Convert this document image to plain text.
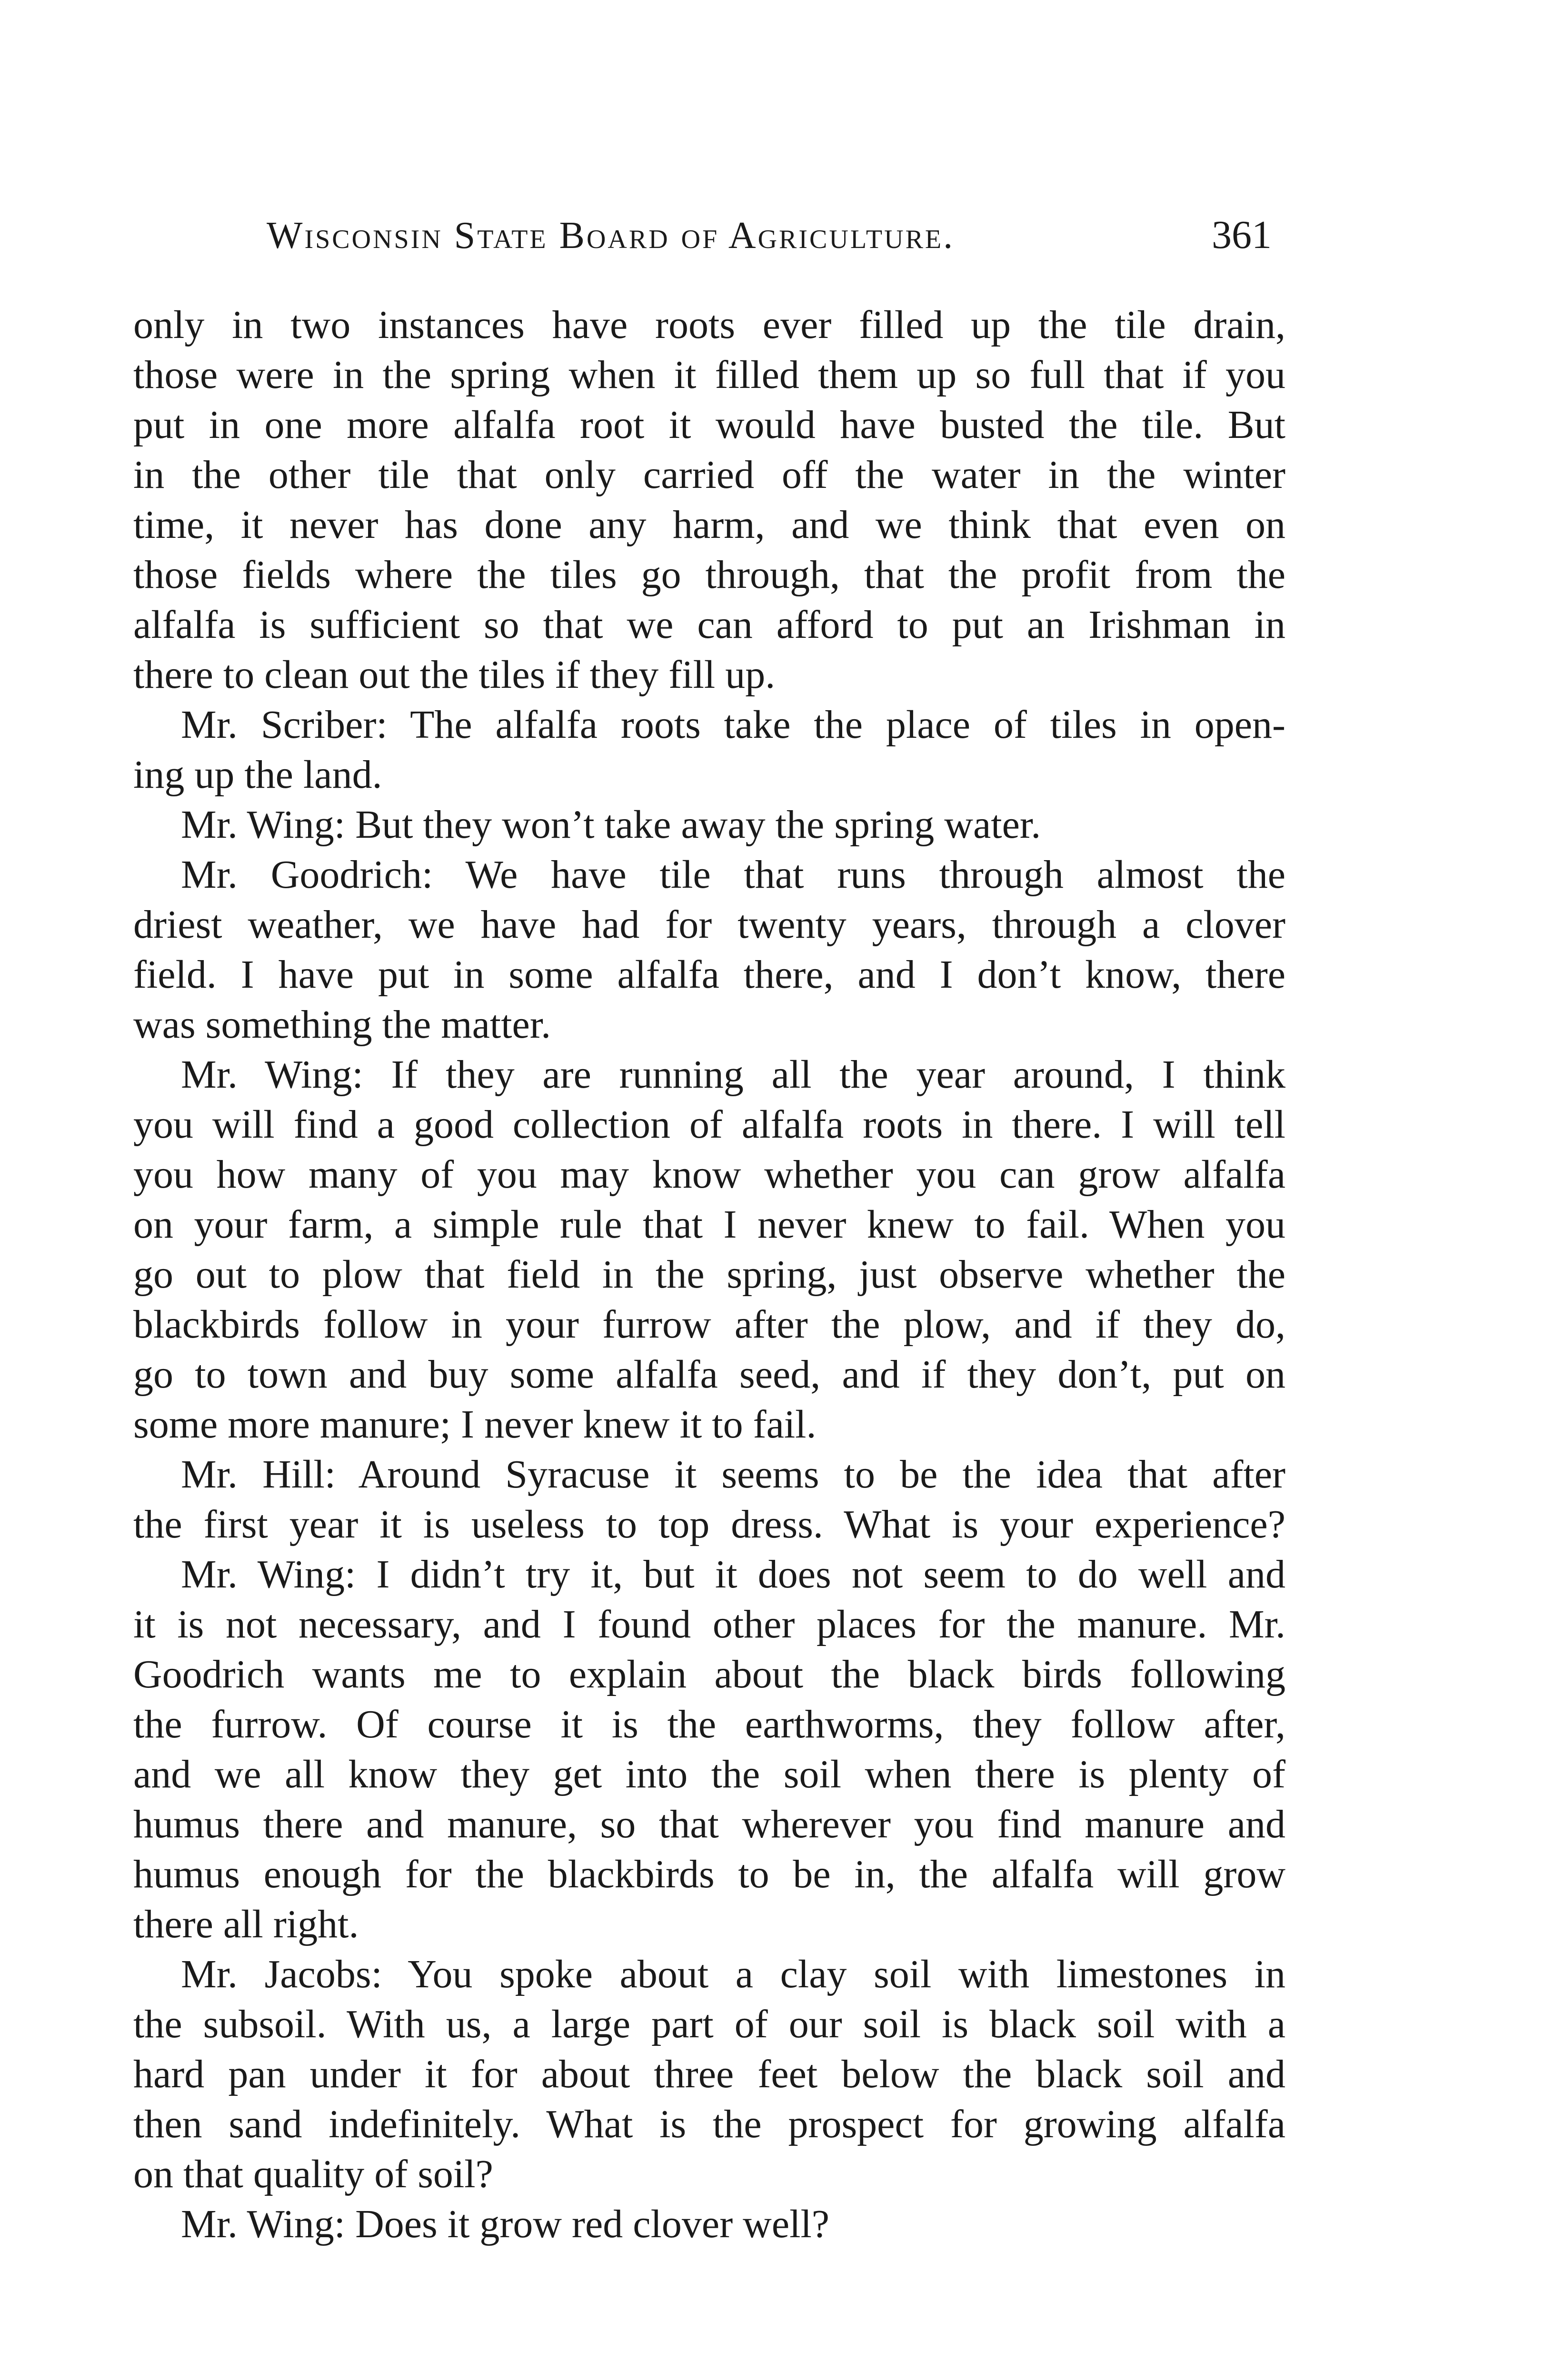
Wisconsin State Board of Agriculture.	361
only in two instances have roots ever filled up the tile drain,
those were in the spring when it filled them up so full that if you
put in one more alfalfa root it would have busted the tile. But
in the other tile that only carried off the water in the winter
time, it never has done any harm, and we think that even on
those fields where the tiles go through, that the profit from the
alfalfa is sufficient so that we can afford to put an Irishman in
there to clean out the tiles if they fill up.
Mr. Scriber: The alfalfa roots take the place of tiles in open-
ing up the land.
Mr. Wing: But they won’t take away the spring water.
Mr. Goodrich: We have tile that runs through almost the
driest weather, we have had for twenty years, through a clover
field. I have put in some alfalfa there, and I don’t know, there
was something the matter.
Mr. Wing: If they are running all the year around, I think
you will find a good collection of alfalfa roots in there. I will tell
you how many of you may know whether you can grow alfalfa
on your farm, a simple rule that I never knew to fail. When you
go out to plow that field in the spring, just observe whether the
blackbirds follow in your furrow after the plow, and if they do,
go to town and buy some alfalfa seed, and if they don’t, put on
some more manure; I never knew it to fail.
Mr. Hill: Around Syracuse it seems to be the idea that after
the first year it is useless to top dress. What is your experience?
Mr. Wing: I didn’t try it, but it does not seem to do well and
it is not necessary, and I found other places for the manure. Mr.
Goodrich wants me to explain about the black birds following
the furrow. Of course it is the earthworms, they follow after,
and we all know they get into the soil when there is plenty of
humus there and manure, so that wherever you find manure and
humus enough for the blackbirds to be in, the alfalfa will grow
there all right.
Mr. Jacobs: You spoke about a clay soil with limestones in
the subsoil. With us, a large part of our soil is black soil with a
hard pan under it for about three feet below the black soil and
then sand indefinitely. What is the prospect for growing alfalfa
on that quality of soil?
Mr. Wing: Does it grow red clover well?
